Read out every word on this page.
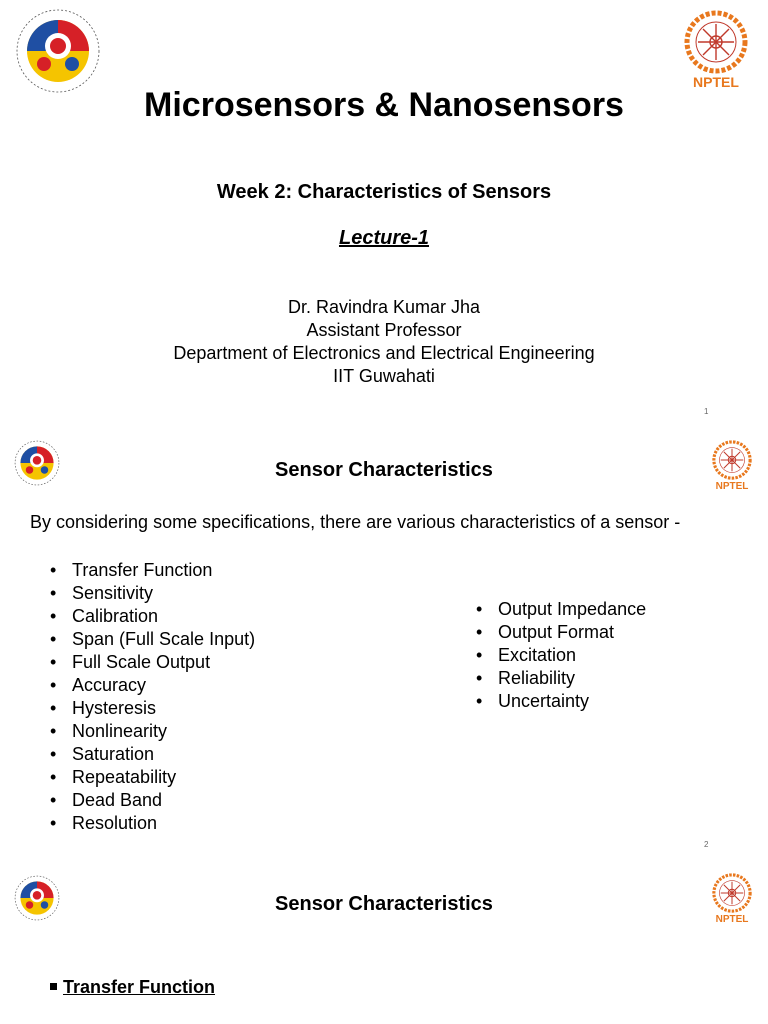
NPTEL
Microsensors & Nanosensors
Week 2: Characteristics of Sensors
Lecture-1
Dr. Ravindra Kumar Jha
Assistant Professor
Department of Electronics and Electrical Engineering
IIT Guwahati
1
NPTEL
Sensor Characteristics
By considering some specifications, there are various characteristics of a sensor -
• Transfer Function
• Sensitivity
• Calibration
• Span (Full Scale Input)
• Full Scale Output
• Accuracy
• Hysteresis
• Nonlinearity
• Saturation
• Repeatability
• Dead Band
• Resolution
• Output Impedance
• Output Format
• Excitation
• Reliability
• Uncertainty
2
NPTEL
Sensor Characteristics
Transfer Function
